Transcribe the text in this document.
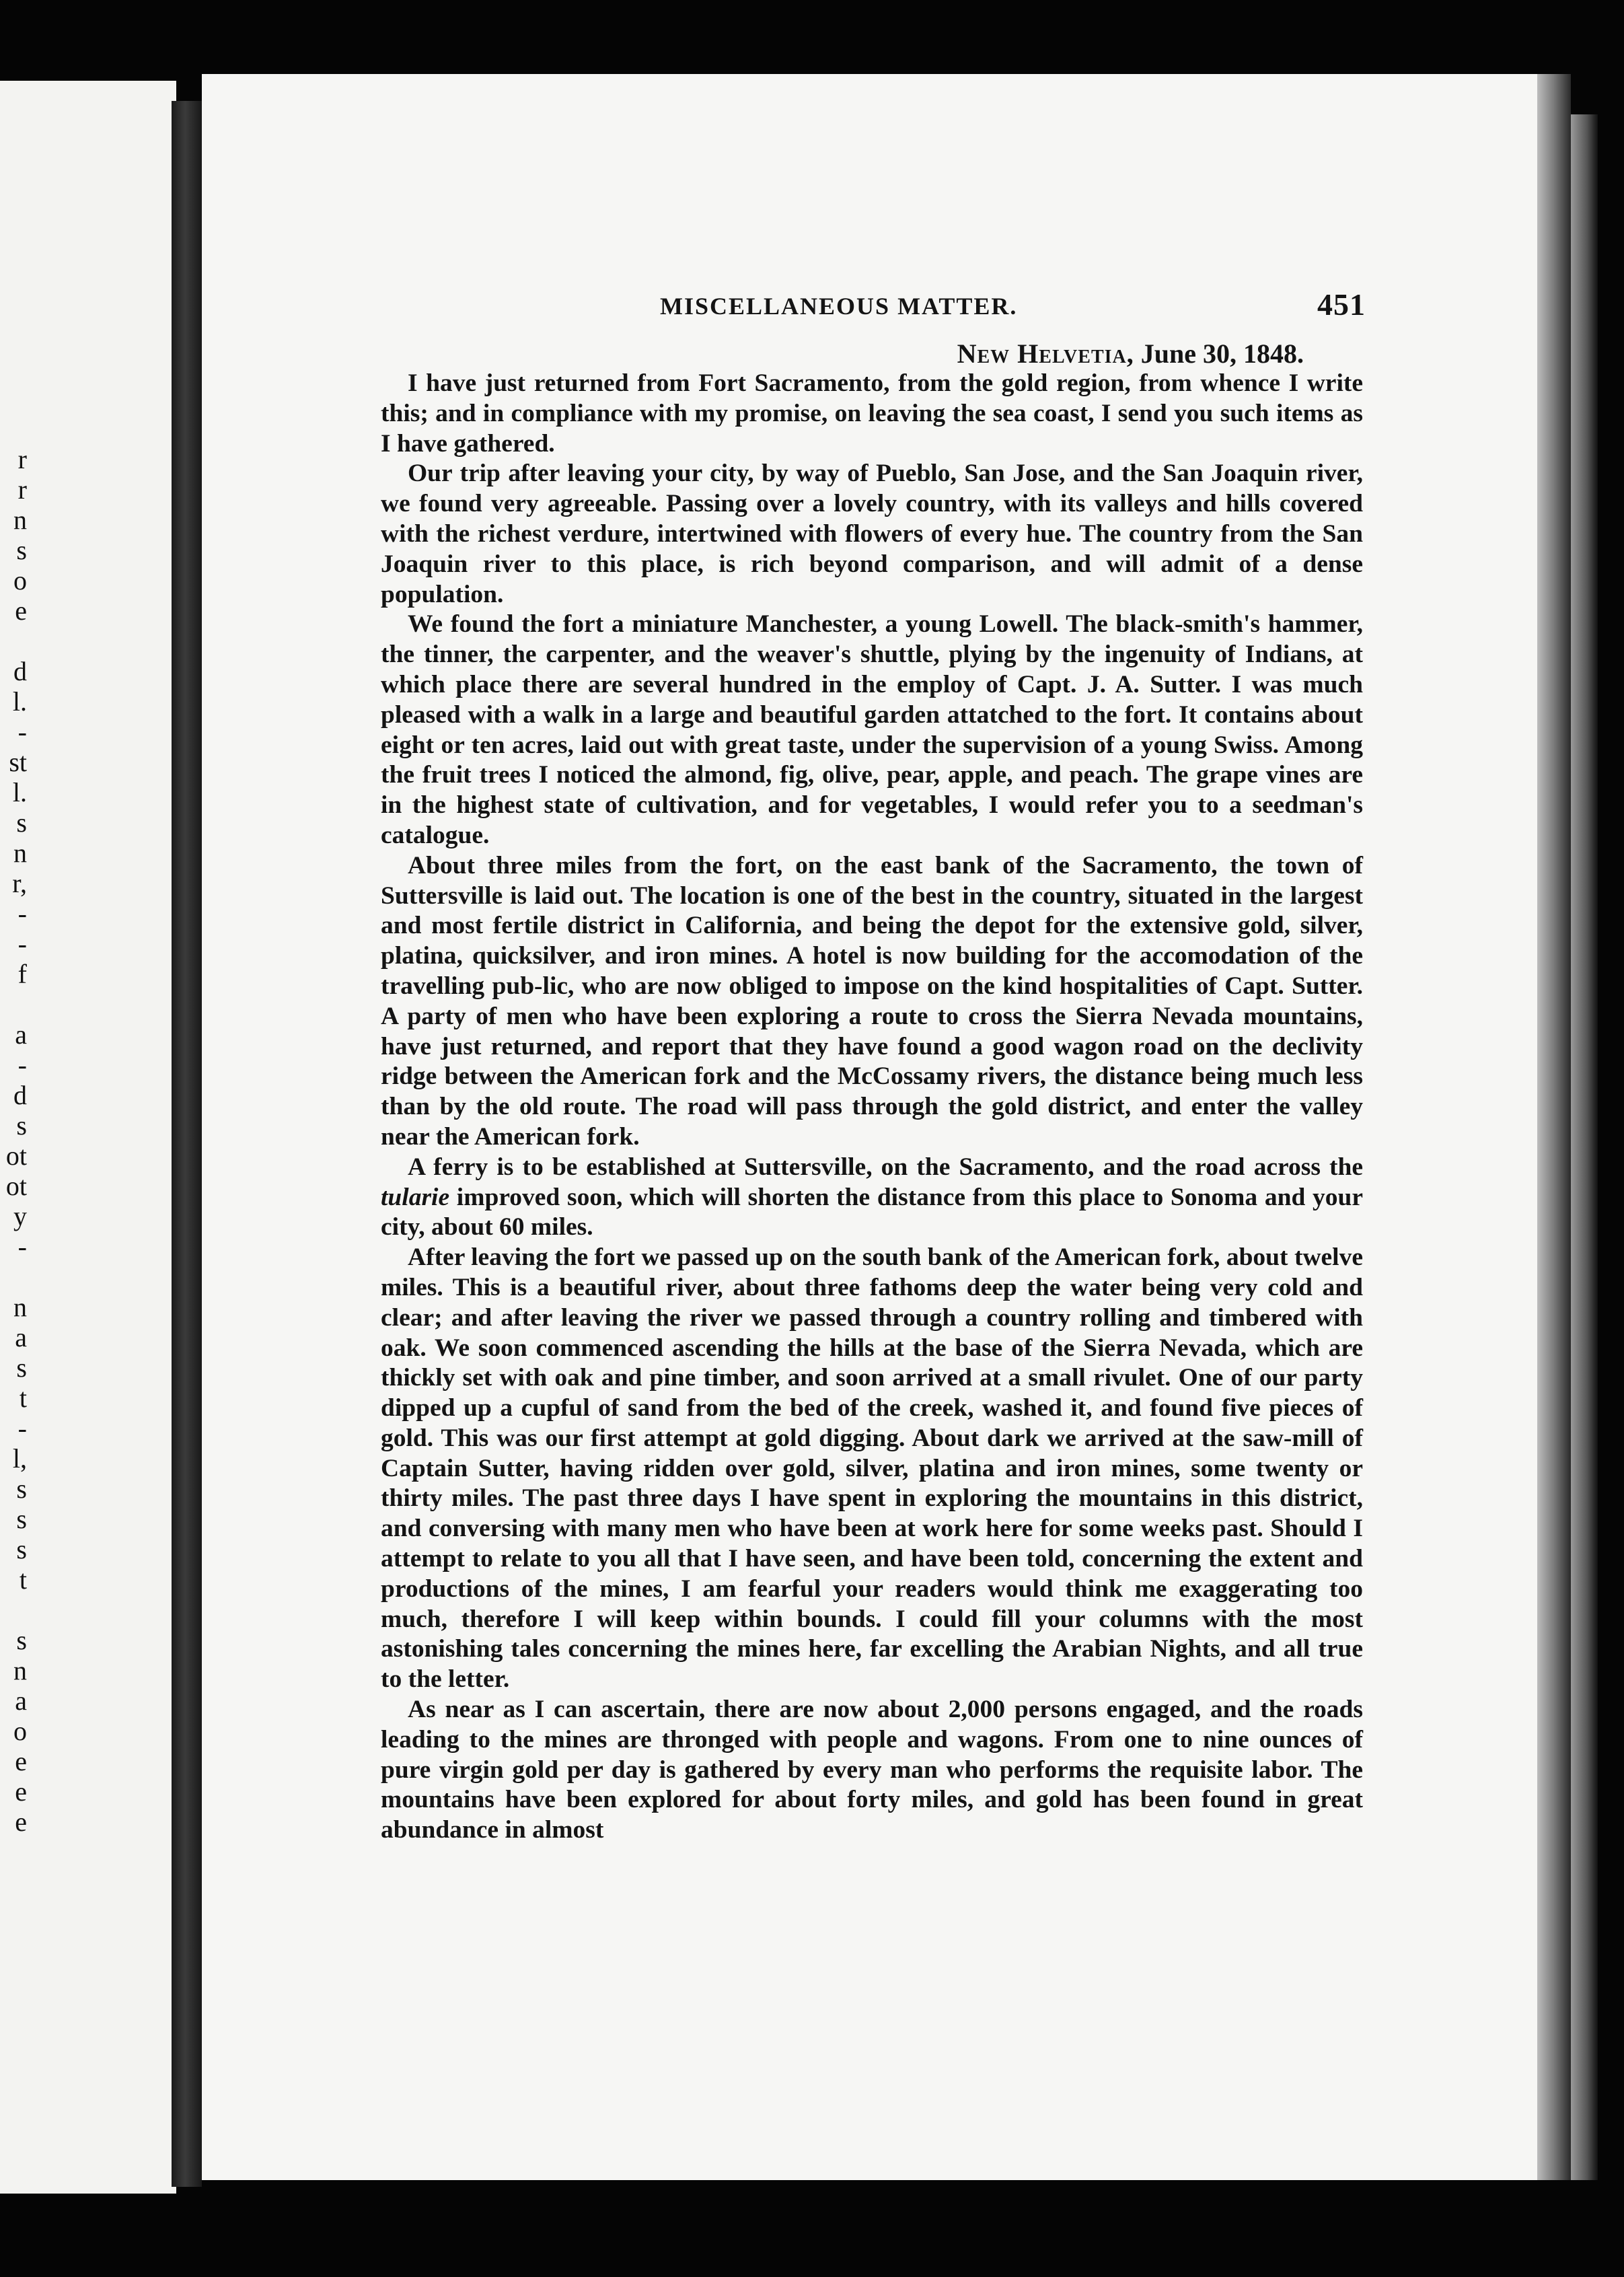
r
r
n
s
o
e
d
l.
-
st
l.
s
n
r,
-
-
f
a
-
d
s
ot
ot
y
-
n
a
s
t
-
l,
s
s
s
t
s
n
a
o
e
e
e
MISCELLANEOUS MATTER.	451
New Helvetia, June 30, 1848.

I have just returned from Fort Sacramento, from the gold region, from whence I write this; and in compliance with my promise, on leaving the sea coast, I send you such items as I have gathered.

Our trip after leaving your city, by way of Pueblo, San Jose, and the San Joaquin river, we found very agreeable. Passing over a lovely country, with its valleys and hills covered with the richest verdure, intertwined with flowers of every hue. The country from the San Joaquin river to this place, is rich beyond comparison, and will admit of a dense population.

We found the fort a miniature Manchester, a young Lowell. The black-smith's hammer, the tinner, the carpenter, and the weaver's shuttle, plying by the ingenuity of Indians, at which place there are several hundred in the employ of Capt. J. A. Sutter. I was much pleased with a walk in a large and beautiful garden attatched to the fort. It contains about eight or ten acres, laid out with great taste, under the supervision of a young Swiss. Among the fruit trees I noticed the almond, fig, olive, pear, apple, and peach. The grape vines are in the highest state of cultivation, and for vegetables, I would refer you to a seedman's catalogue.

About three miles from the fort, on the east bank of the Sacramento, the town of Suttersville is laid out. The location is one of the best in the country, situated in the largest and most fertile district in California, and being the depot for the extensive gold, silver, platina, quicksilver, and iron mines. A hotel is now building for the accomodation of the travelling pub-lic, who are now obliged to impose on the kind hospitalities of Capt. Sutter. A party of men who have been exploring a route to cross the Sierra Nevada mountains, have just returned, and report that they have found a good wagon road on the declivity ridge between the American fork and the McCossamy rivers, the distance being much less than by the old route. The road will pass through the gold district, and enter the valley near the American fork.

A ferry is to be established at Suttersville, on the Sacramento, and the road across the tularie improved soon, which will shorten the distance from this place to Sonoma and your city, about 60 miles.

After leaving the fort we passed up on the south bank of the American fork, about twelve miles. This is a beautiful river, about three fathoms deep the water being very cold and clear; and after leaving the river we passed through a country rolling and timbered with oak. We soon commenced ascending the hills at the base of the Sierra Nevada, which are thickly set with oak and pine timber, and soon arrived at a small rivulet. One of our party dipped up a cupful of sand from the bed of the creek, washed it, and found five pieces of gold. This was our first attempt at gold digging. About dark we arrived at the saw-mill of Captain Sutter, having ridden over gold, silver, platina and iron mines, some twenty or thirty miles. The past three days I have spent in exploring the mountains in this district, and conversing with many men who have been at work here for some weeks past. Should I attempt to relate to you all that I have seen, and have been told, concerning the extent and productions of the mines, I am fearful your readers would think me exaggerating too much, therefore I will keep within bounds. I could fill your columns with the most astonishing tales concerning the mines here, far excelling the Arabian Nights, and all true to the letter.

As near as I can ascertain, there are now about 2,000 persons engaged, and the roads leading to the mines are thronged with people and wagons. From one to nine ounces of pure virgin gold per day is gathered by every man who performs the requisite labor. The mountains have been explored for about forty miles, and gold has been found in great abundance in almost
